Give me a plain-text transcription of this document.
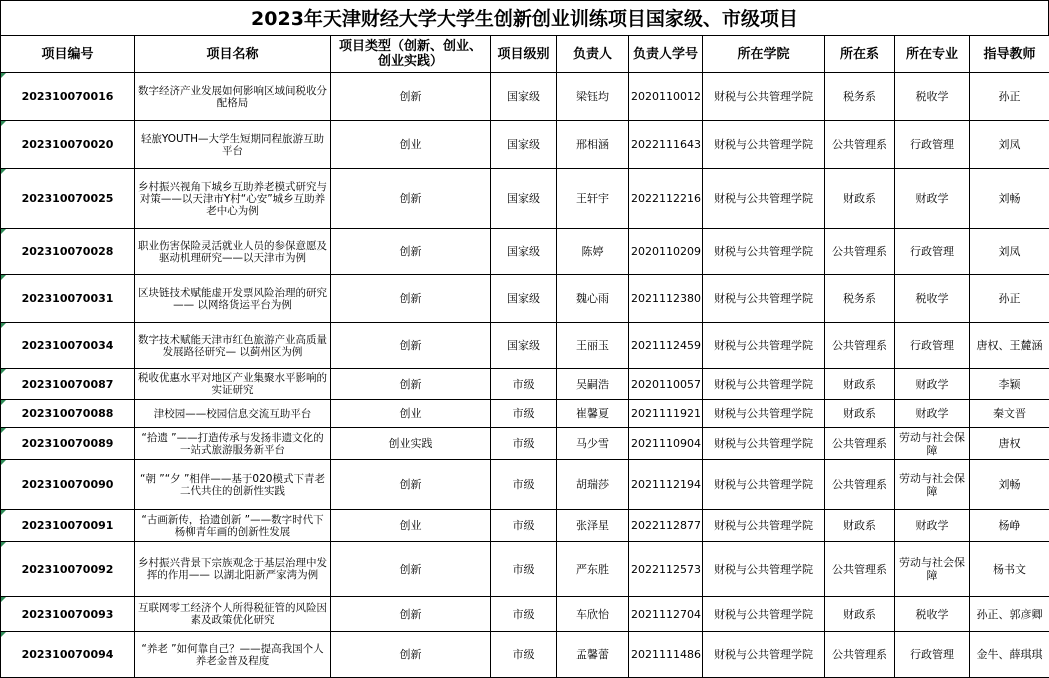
2023年天津财经大学大学生创新创业训练项目国家级、市级项目
项目编号	项目名称	项目类型（创新、创业、创业实践）	项目级别	负责人	负责人学号	所在学院	所在系	所在专业	指导教师
202310070016	数字经济产业发展如何影响区域间税收分配格局	创新	国家级	梁钰均	2020110012	财税与公共管理学院	税务系	税收学	孙正
202310070020	轻旅YOUTH—大学生短期同程旅游互助平台	创业	国家级	邢相涵	2022111643	财税与公共管理学院	公共管理系	行政管理	刘凤
202310070025	乡村振兴视角下城乡互助养老模式研究与对策——以天津市Y村“心安”城乡互助养老中心为例	创新	国家级	王轩宇	2022112216	财税与公共管理学院	财政系	财政学	刘畅
202310070028	职业伤害保险灵活就业人员的参保意愿及驱动机理研究——以天津市为例	创新	国家级	陈婷	2020110209	财税与公共管理学院	公共管理系	行政管理	刘凤
202310070031	区块链技术赋能虚开发票风险治理的研究—— 以网络货运平台为例	创新	国家级	魏心雨	2021112380	财税与公共管理学院	税务系	税收学	孙正
202310070034	数字技术赋能天津市红色旅游产业高质量发展路径研究— 以蓟州区为例	创新	国家级	王丽玉	2021112459	财税与公共管理学院	公共管理系	行政管理	唐权、王麓涵
202310070087	税收优惠水平对地区产业集聚水平影响的实证研究	创新	市级	吴嗣浩	2020110057	财税与公共管理学院	财政系	财政学	李颖
202310070088	津校园——校园信息交流互助平台	创业	市级	崔馨夏	2021111921	财税与公共管理学院	财政系	财政学	秦文晋
202310070089	“拾遗 ”——打造传承与发扬非遗文化的一站式旅游服务新平台	创业实践	市级	马少雪	2021110904	财税与公共管理学院	公共管理系	劳动与社会保障	唐权
202310070090	“朝 ”“夕 ”相伴——基于020模式下青老二代共住的创新性实践	创新	市级	胡瑞莎	2021112194	财税与公共管理学院	公共管理系	劳动与社会保障	刘畅
202310070091	“古画新传，拾遗创新 ”——数字时代下杨柳青年画的创新性发展	创业	市级	张泽星	2022112877	财税与公共管理学院	财政系	财政学	杨峥
202310070092	乡村振兴背景下宗族观念于基层治理中发挥的作用—— 以湖北阳新严家湾为例	创新	市级	严东胜	2022112573	财税与公共管理学院	公共管理系	劳动与社会保障	杨书文
202310070093	互联网零工经济个人所得税征管的风险因素及政策优化研究	创新	市级	车欣怡	2021112704	财税与公共管理学院	财政系	税收学	孙正、郭彦卿
202310070094	“养老 ”如何靠自己？——提高我国个人养老金普及程度	创新	市级	孟馨蕾	2021111486	财税与公共管理学院	公共管理系	行政管理	金牛、薛琪琪
